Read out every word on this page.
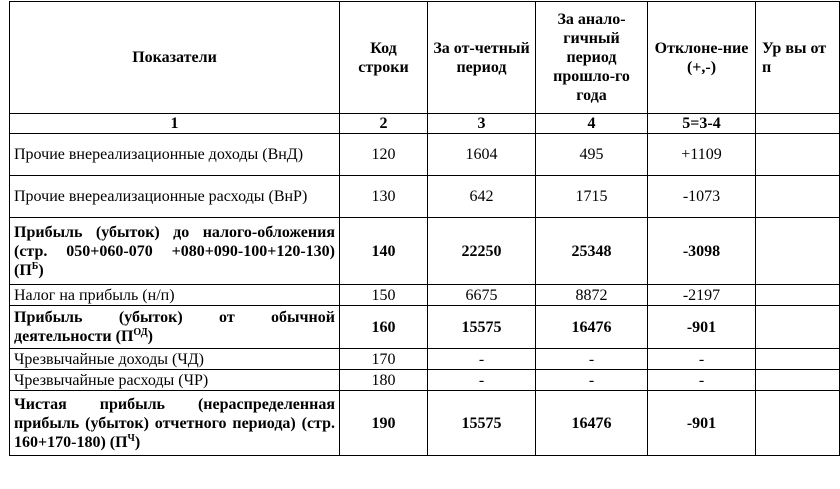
Показатели	Код строки	За от-четный период	За анало-гичный период прошло-го года	Отклоне-ние (+,-)	Ур вы от п
1	2	3	4	5=3-4	
Прочие внереализационные доходы (ВнД)	120	1604	495	+1109	
Прочие внереализационные расходы (ВнР)	130	642	1715	-1073	
Прибыль (убыток) до налого-обложения (стр. 050+060-070 +080+090-100+120-130) $(П^Б)$	140	22250	25348	-3098	
Налог на прибыль (н/п)	150	6675	8872	-2197	
Прибыль (убыток) от обычной деятельности $(П^{ОД})$	160	15575	16476	-901	
Чрезвычайные доходы (ЧД)	170	-	-	-	
Чрезвычайные расходы (ЧР)	180	-	-	-	
Чистая прибыль (нераспределенная прибыль (убыток) отчетного периода) (стр. 160+170-180) $(П^Ч)$	190	15575	16476	-901	
